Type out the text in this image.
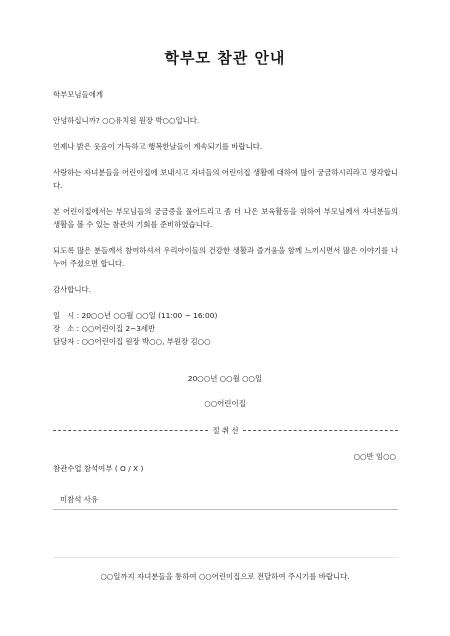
학부모 참관 안내
학부모님들에게
안녕하십니까? ○○유치원 원장 박○○입니다.
언제나 밝은 웃음이 가득하고 행복한날들이 계속되기를 바랍니다.
사랑하는 자녀분들을 어린이집에 보내시고 자녀들의 어린이집 생활에 대하여 많이 궁금하시리라고 생각합니다.
본 어린이집에서는 부모님들의 궁금증을 풀어드리고 좀 더 나은 보육활동을 위하여 부모님께서 자녀분들의 생활을 볼 수 있는 참관의 기회를 준비하였습니다.
되도록 많은 분들께서 참여하셔서 우리아이들의 건강한 생활과 즐거움을 함께 느끼시면서 많은 이야기를 나누어 주셨으면 합니다.
감사합니다.
일   시 : 20○○년 ○○월 ○○일 (11:00 ~ 16:00)
장   소 : ○○어린이집 2~3세반
담당자 : ○○어린이집 원장 박○○, 부원장 김○○
20○○년 ○○월 ○○일
○○어린이집
절 취 선
○○반 임○○
참관수업 참석여부 ( O / X )
미참석 사유
○○일까지 자녀분들을 통하여 ○○어린이집으로 전달하여 주시기를 바랍니다.
